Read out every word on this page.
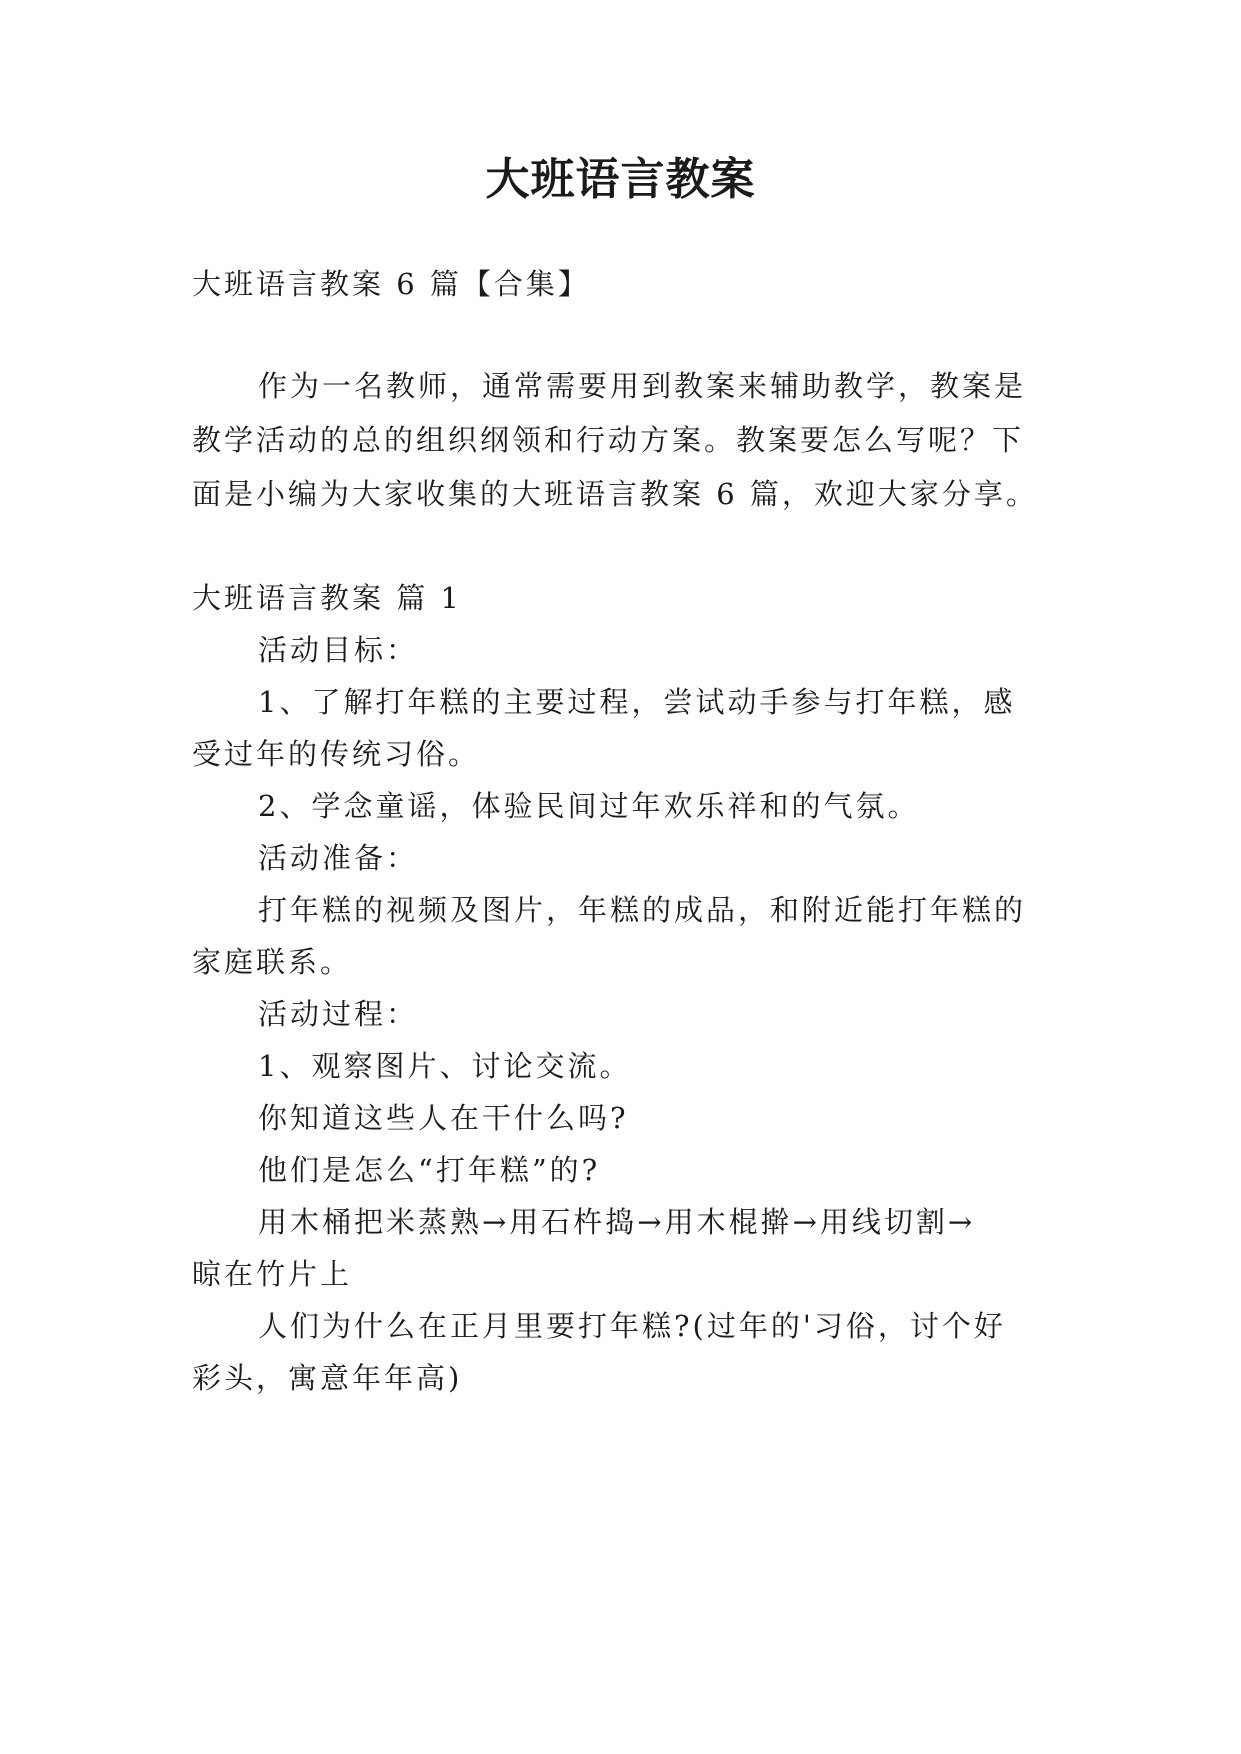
大班语言教案
大班语言教案 6 篇【合集】
作为一名教师，通常需要用到教案来辅助教学，教案是
教学活动的总的组织纲领和行动方案。教案要怎么写呢？下
面是小编为大家收集的大班语言教案 6 篇，欢迎大家分享。
大班语言教案 篇 1
活动目标：
1、了解打年糕的主要过程，尝试动手参与打年糕，感
受过年的传统习俗。
2、学念童谣，体验民间过年欢乐祥和的气氛。
活动准备：
打年糕的视频及图片，年糕的成品，和附近能打年糕的
家庭联系。
活动过程：
1、观察图片、讨论交流。
你知道这些人在干什么吗?
他们是怎么“打年糕”的?
用木桶把米蒸熟→用石杵捣→用木棍擀→用线切割→
晾在竹片上
人们为什么在正月里要打年糕?(过年的'习俗，讨个好
彩头，寓意年年高)
